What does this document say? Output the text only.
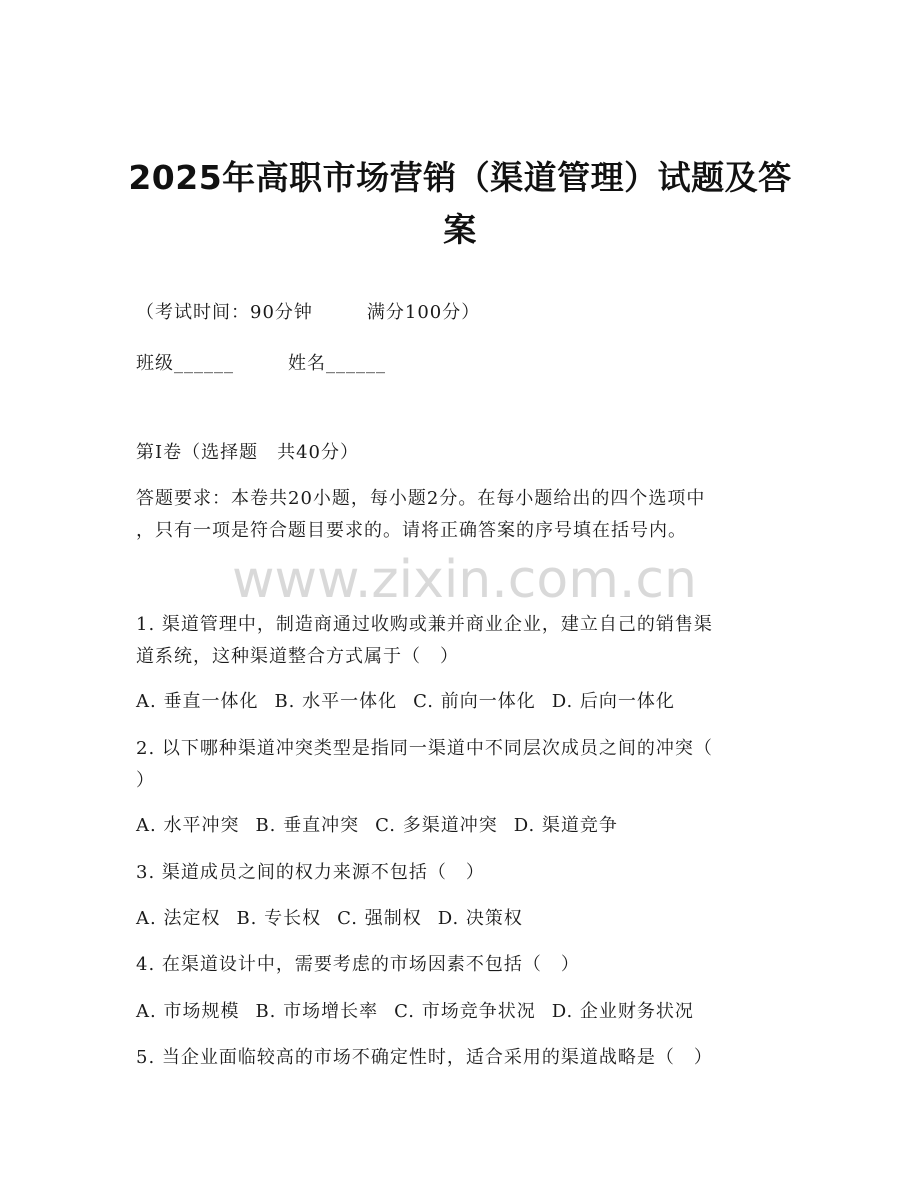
2025年高职市场营销（渠道管理）试题及答案
（考试时间：90分钟	满分100分）
班级______	姓名______
第I卷（选择题　共40分）
答题要求：本卷共20小题，每小题2分。在每小题给出的四个选项中
，只有一项是符合题目要求的。请将正确答案的序号填在括号内。
www.zixin.com.cn
1. 渠道管理中，制造商通过收购或兼并商业企业，建立自己的销售渠
道系统，这种渠道整合方式属于（　）
A. 垂直一体化 B. 水平一体化 C. 前向一体化 D. 后向一体化
2. 以下哪种渠道冲突类型是指同一渠道中不同层次成员之间的冲突（
）
A. 水平冲突 B. 垂直冲突 C. 多渠道冲突 D. 渠道竞争
3. 渠道成员之间的权力来源不包括（　）
A. 法定权 B. 专长权 C. 强制权 D. 决策权
4. 在渠道设计中，需要考虑的市场因素不包括（　）
A. 市场规模 B. 市场增长率 C. 市场竞争状况 D. 企业财务状况
5. 当企业面临较高的市场不确定性时，适合采用的渠道战略是（　）
